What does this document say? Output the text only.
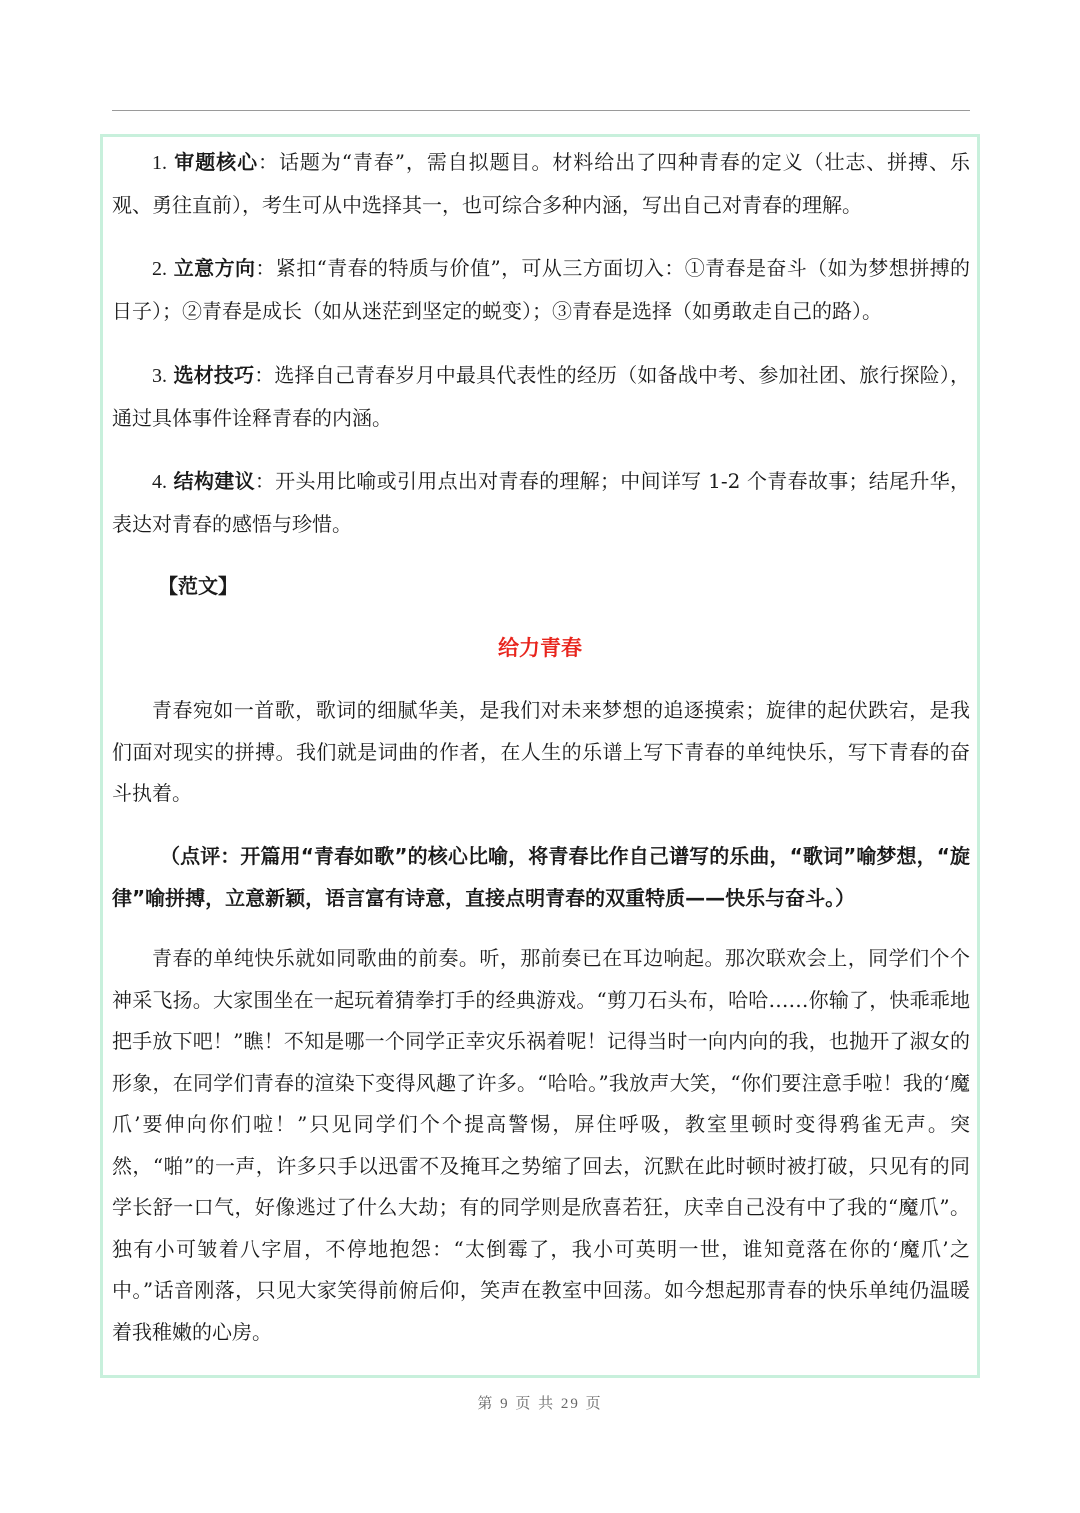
1. 审题核心：话题为“青春”，需自拟题目。材料给出了四种青春的定义（壮志、拼搏、乐观、勇往直前），考生可从中选择其一，也可综合多种内涵，写出自己对青春的理解。

2. 立意方向：紧扣“青春的特质与价值”，可从三方面切入：①青春是奋斗（如为梦想拼搏的日子）；②青春是成长（如从迷茫到坚定的蜕变）；③青春是选择（如勇敢走自己的路）。

3. 选材技巧：选择自己青春岁月中最具代表性的经历（如备战中考、参加社团、旅行探险），通过具体事件诠释青春的内涵。

4. 结构建议：开头用比喻或引用点出对青春的理解；中间详写 1-2 个青春故事；结尾升华，表达对青春的感悟与珍惜。

【范文】
给力青春

青春宛如一首歌，歌词的细腻华美，是我们对未来梦想的追逐摸索；旋律的起伏跌宕，是我们面对现实的拼搏。我们就是词曲的作者，在人生的乐谱上写下青春的单纯快乐，写下青春的奋斗执着。

（点评：开篇用“青春如歌”的核心比喻，将青春比作自己谱写的乐曲，“歌词”喻梦想，“旋律”喻拼搏，立意新颖，语言富有诗意，直接点明青春的双重特质——快乐与奋斗。）

青春的单纯快乐就如同歌曲的前奏。听，那前奏已在耳边响起。那次联欢会上，同学们个个神采飞扬。大家围坐在一起玩着猜拳打手的经典游戏。“剪刀石头布，哈哈……你输了，快乖乖地把手放下吧！”瞧！不知是哪一个同学正幸灾乐祸着呢！记得当时一向内向的我，也抛开了淑女的形象，在同学们青春的渲染下变得风趣了许多。“哈哈。”我放声大笑，“你们要注意手啦！我的‘魔爪’要伸向你们啦！”只见同学们个个提高警惕，屏住呼吸，教室里顿时变得鸦雀无声。突然，“啪”的一声，许多只手以迅雷不及掩耳之势缩了回去，沉默在此时顿时被打破，只见有的同学长舒一口气，好像逃过了什么大劫；有的同学则是欣喜若狂，庆幸自己没有中了我的“魔爪”。独有小可皱着八字眉，不停地抱怨：“太倒霉了，我小可英明一世，谁知竟落在你的‘魔爪’之中。”话音刚落，只见大家笑得前俯后仰，笑声在教室中回荡。如今想起那青春的快乐单纯仍温暖着我稚嫩的心房。

第 9 页 共 29 页
